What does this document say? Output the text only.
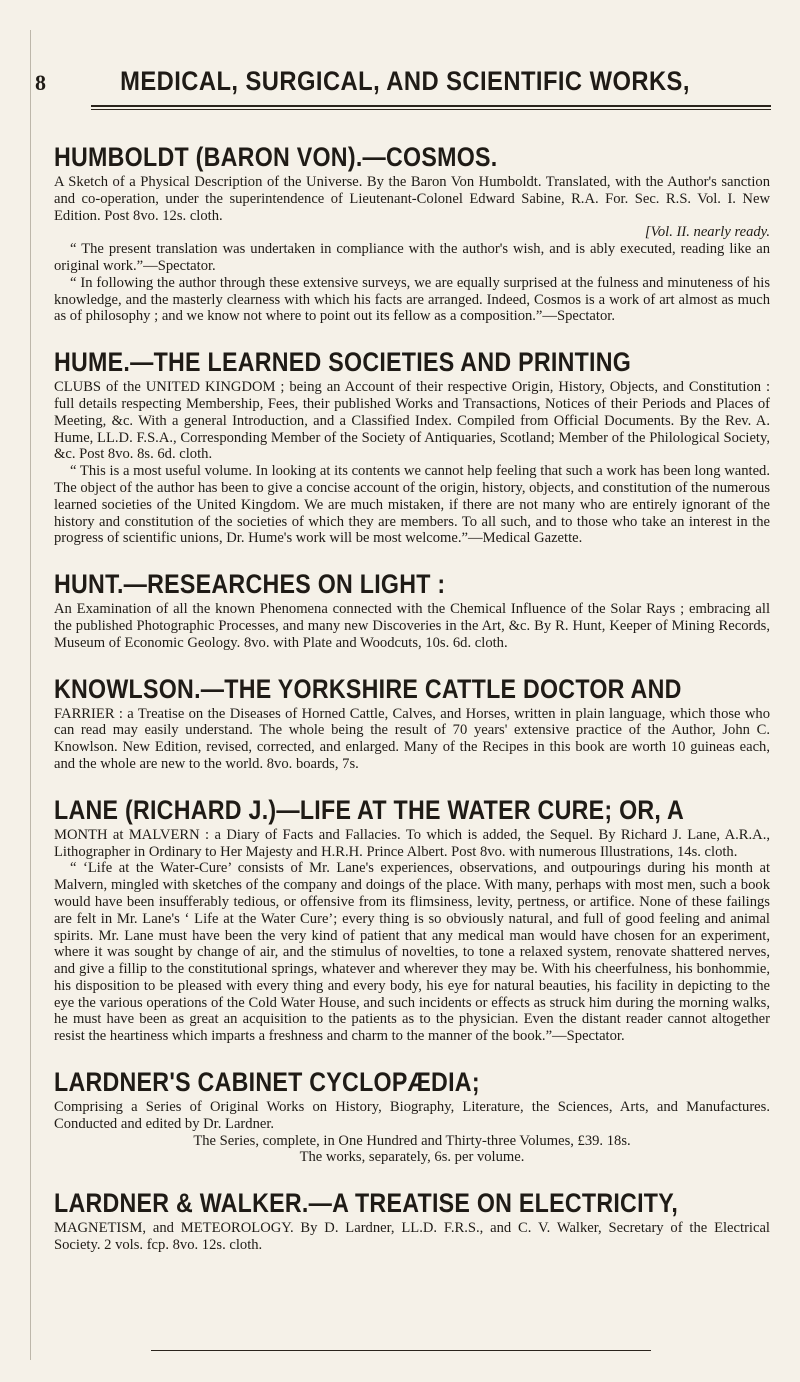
8	MEDICAL, SURGICAL, AND SCIENTIFIC WORKS,
HUMBOLDT (BARON VON).—COSMOS.

A Sketch of a Physical Description of the Universe. By the Baron Von Humboldt. Translated, with the Author's sanction and co-operation, under the superintendence of Lieutenant-Colonel Edward Sabine, R.A. For. Sec. R.S. Vol. I. New Edition. Post 8vo. 12s. cloth.

[Vol. II. nearly ready.

“ The present translation was undertaken in compliance with the author's wish, and is ably executed, reading like an original work.”—Spectator.

“ In following the author through these extensive surveys, we are equally surprised at the fulness and minuteness of his knowledge, and the masterly clearness with which his facts are arranged. Indeed, Cosmos is a work of art almost as much as of philosophy ; and we know not where to point out its fellow as a composition.”—Spectator.

HUME.—THE LEARNED SOCIETIES AND PRINTING

CLUBS of the UNITED KINGDOM ; being an Account of their respective Origin, History, Objects, and Constitution : full details respecting Membership, Fees, their published Works and Transactions, Notices of their Periods and Places of Meeting, &c. With a general Introduction, and a Classified Index. Compiled from Official Documents. By the Rev. A. Hume, LL.D. F.S.A., Corresponding Member of the Society of Antiquaries, Scotland; Member of the Philological Society, &c. Post 8vo. 8s. 6d. cloth.

“ This is a most useful volume. In looking at its contents we cannot help feeling that such a work has been long wanted. The object of the author has been to give a concise account of the origin, history, objects, and constitution of the numerous learned societies of the United Kingdom. We are much mistaken, if there are not many who are entirely ignorant of the history and constitution of the societies of which they are members. To all such, and to those who take an interest in the progress of scientific unions, Dr. Hume's work will be most welcome.”—Medical Gazette.

HUNT.—RESEARCHES ON LIGHT :

An Examination of all the known Phenomena connected with the Chemical Influence of the Solar Rays ; embracing all the published Photographic Processes, and many new Discoveries in the Art, &c. By R. Hunt, Keeper of Mining Records, Museum of Economic Geology. 8vo. with Plate and Woodcuts, 10s. 6d. cloth.

KNOWLSON.—THE YORKSHIRE CATTLE DOCTOR AND

FARRIER : a Treatise on the Diseases of Horned Cattle, Calves, and Horses, written in plain language, which those who can read may easily understand. The whole being the result of 70 years' extensive practice of the Author, John C. Knowlson. New Edition, revised, corrected, and enlarged. Many of the Recipes in this book are worth 10 guineas each, and the whole are new to the world. 8vo. boards, 7s.

LANE (RICHARD J.)—LIFE AT THE WATER CURE; OR, A

MONTH at MALVERN : a Diary of Facts and Fallacies. To which is added, the Sequel. By Richard J. Lane, A.R.A., Lithographer in Ordinary to Her Majesty and H.R.H. Prince Albert. Post 8vo. with numerous Illustrations, 14s. cloth.

“ ‘Life at the Water-Cure’ consists of Mr. Lane's experiences, observations, and outpourings during his month at Malvern, mingled with sketches of the company and doings of the place. With many, perhaps with most men, such a book would have been insufferably tedious, or offensive from its flimsiness, levity, pertness, or artifice. None of these failings are felt in Mr. Lane's ‘ Life at the Water Cure’; every thing is so obviously natural, and full of good feeling and animal spirits. Mr. Lane must have been the very kind of patient that any medical man would have chosen for an experiment, where it was sought by change of air, and the stimulus of novelties, to tone a relaxed system, renovate shattered nerves, and give a fillip to the constitutional springs, whatever and wherever they may be. With his cheerfulness, his bonhommie, his disposition to be pleased with every thing and every body, his eye for natural beauties, his facility in depicting to the eye the various operations of the Cold Water House, and such incidents or effects as struck him during the morning walks, he must have been as great an acquisition to the patients as to the physician. Even the distant reader cannot altogether resist the heartiness which imparts a freshness and charm to the manner of the book.”—Spectator.

LARDNER'S CABINET CYCLOPÆDIA;

Comprising a Series of Original Works on History, Biography, Literature, the Sciences, Arts, and Manufactures. Conducted and edited by Dr. Lardner.

The Series, complete, in One Hundred and Thirty-three Volumes, £39. 18s.

The works, separately, 6s. per volume.

LARDNER & WALKER.—A TREATISE ON ELECTRICITY,

MAGNETISM, and METEOROLOGY. By D. Lardner, LL.D. F.R.S., and C. V. Walker, Secretary of the Electrical Society. 2 vols. fcp. 8vo. 12s. cloth.
